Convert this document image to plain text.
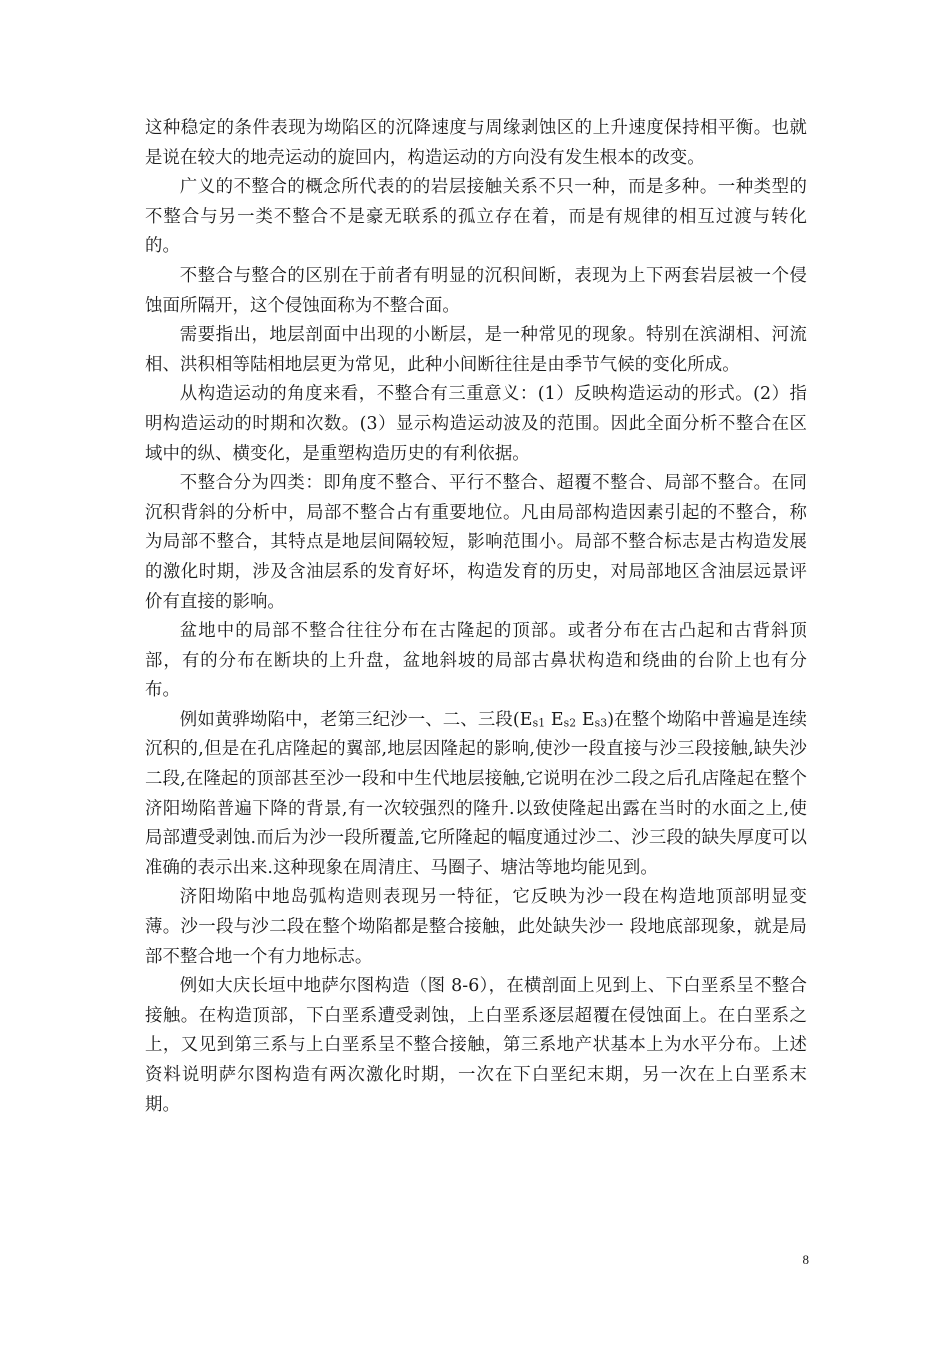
这种稳定的条件表现为坳陷区的沉降速度与周缘剥蚀区的上升速度保持相平衡。也就是说在较大的地壳运动的旋回内，构造运动的方向没有发生根本的改变。

广义的不整合的概念所代表的的岩层接触关系不只一种，而是多种。一种类型的不整合与另一类不整合不是豪无联系的孤立存在着，而是有规律的相互过渡与转化的。

不整合与整合的区别在于前者有明显的沉积间断，表现为上下两套岩层被一个侵蚀面所隔开，这个侵蚀面称为不整合面。

需要指出，地层剖面中出现的小断层，是一种常见的现象。特别在滨湖相、河流相、洪积相等陆相地层更为常见，此种小间断往往是由季节气候的变化所成。

从构造运动的角度来看，不整合有三重意义：(1）反映构造运动的形式。(2）指明构造运动的时期和次数。(3）显示构造运动波及的范围。因此全面分析不整合在区域中的纵、横变化，是重塑构造历史的有利依据。

不整合分为四类：即角度不整合、平行不整合、超覆不整合、局部不整合。在同沉积背斜的分析中，局部不整合占有重要地位。凡由局部构造因素引起的不整合，称为局部不整合，其特点是地层间隔较短，影响范围小。局部不整合标志是古构造发展的激化时期，涉及含油层系的发育好坏，构造发育的历史，对局部地区含油层远景评价有直接的影响。

盆地中的局部不整合往往分布在古隆起的顶部。或者分布在古凸起和古背斜顶部，有的分布在断块的上升盘，盆地斜坡的局部古鼻状构造和绕曲的台阶上也有分布。

例如黄骅坳陷中，老第三纪沙一、二、三段(Es1 Es2 Es3)在整个坳陷中普遍是连续沉积的,但是在孔店隆起的翼部,地层因隆起的影响,使沙一段直接与沙三段接触,缺失沙二段,在隆起的顶部甚至沙一段和中生代地层接触,它说明在沙二段之后孔店隆起在整个济阳坳陷普遍下降的背景,有一次较强烈的隆升.以致使隆起出露在当时的水面之上,使局部遭受剥蚀.而后为沙一段所覆盖,它所隆起的幅度通过沙二、沙三段的缺失厚度可以准确的表示出来.这种现象在周清庄、马圈子、塘沽等地均能见到。

济阳坳陷中地岛弧构造则表现另一特征，它反映为沙一段在构造地顶部明显变薄。沙一段与沙二段在整个坳陷都是整合接触，此处缺失沙一 段地底部现象，就是局部不整合地一个有力地标志。

例如大庆长垣中地萨尔图构造（图 8-6），在横剖面上见到上、下白垩系呈不整合接触。在构造顶部，下白垩系遭受剥蚀，上白垩系逐层超覆在侵蚀面上。在白垩系之上，又见到第三系与上白垩系呈不整合接触，第三系地产状基本上为水平分布。上述资料说明萨尔图构造有两次激化时期，一次在下白垩纪末期，另一次在上白垩系末期。

8
